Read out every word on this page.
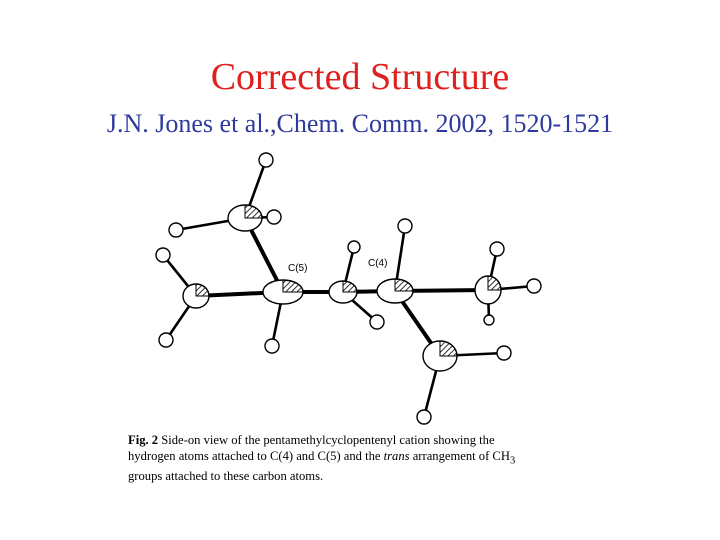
Corrected Structure
J.N. Jones et al.,Chem. Comm. 2002, 1520-1521
C(5)	C(4)
Fig. 2 Side-on view of the pentamethylcyclopentenyl cation showing the
hydrogen atoms attached to C(4) and C(5) and the trans arrangement of $CH_3$
groups attached to these carbon atoms.
